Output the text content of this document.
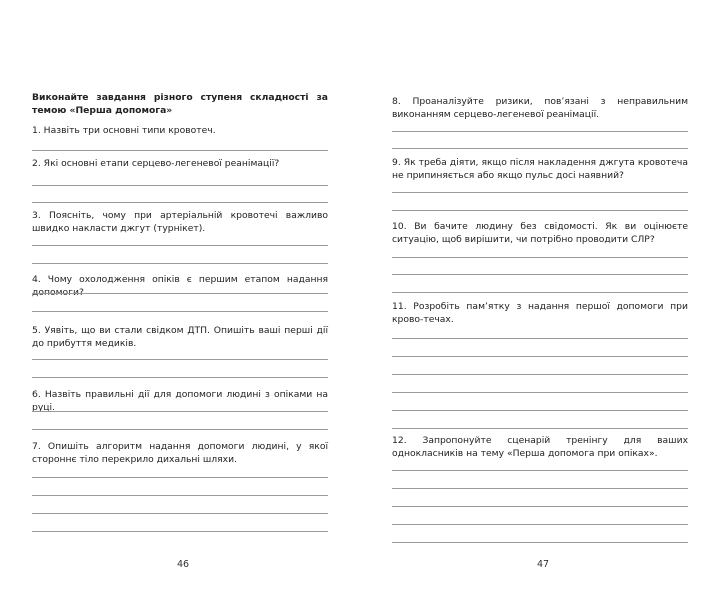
Виконайте завдання різного ступеня складності за темою «Перша допомога»
1. Назвіть три основні типи кровотеч.
2. Які основні етапи серцево-легеневої реанімації?
3. Поясніть, чому при артеріальній кровотечі важливо швидко накласти джгут (турнікет).
4. Чому охолодження опіків є першим етапом надання допомоги?
5. Уявіть, що ви стали свідком ДТП. Опишіть ваші перші дії до прибуття медиків.
6. Назвіть правильні дії для допомоги людині з опіками на руці.
7. Опишіть алгоритм надання допомоги людині, у якої стороннє тіло перекрило дихальні шляхи.
46
8. Проаналізуйте ризики, пов’язані з неправильним виконанням серцево-легеневої реанімації.
9. Як треба діяти, якщо після накладення джгута кровотеча не припиняється або якщо пульс досі наявний?
10. Ви бачите людину без свідомості. Як ви оцінюєте ситуацію, щоб вирішити, чи потрібно проводити СЛР?
11. Розробіть пам’ятку з надання першої допомоги при крово-течах.
12. Запропонуйте сценарій тренінгу для ваших однокласників на тему «Перша допомога при опіках».
47
